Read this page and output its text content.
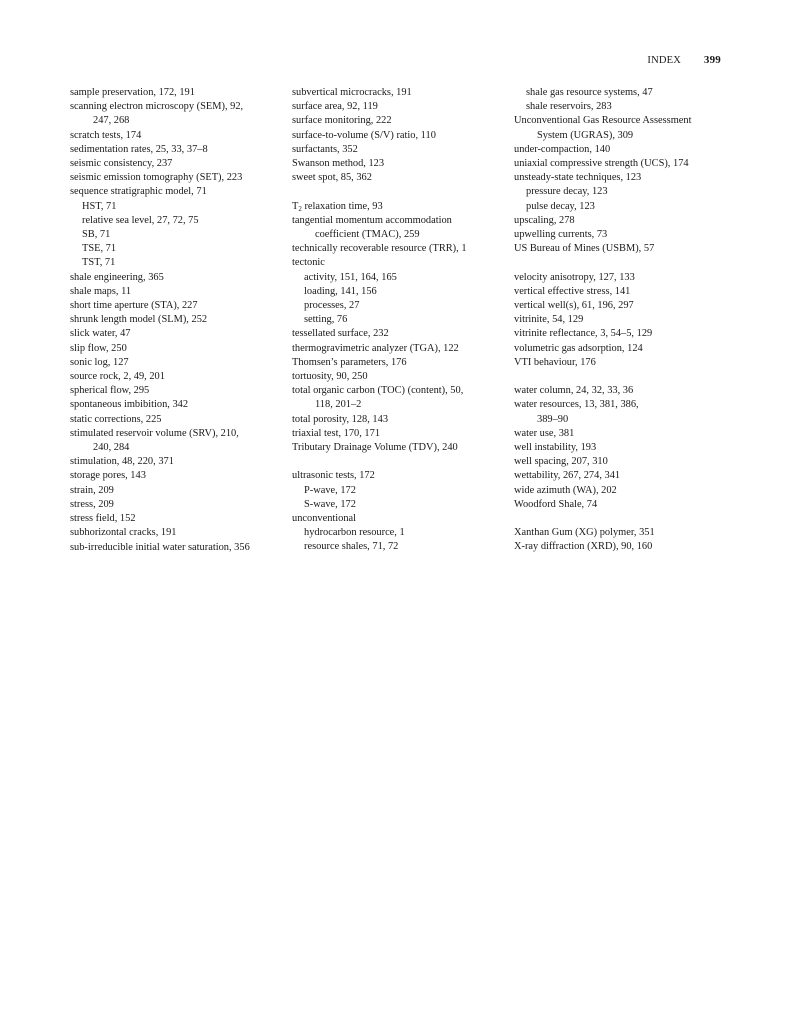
INDEX 399
sample preservation, 172, 191
scanning electron microscopy (SEM), 92,
247, 268
scratch tests, 174
sedimentation rates, 25, 33, 37–8
seismic consistency, 237
seismic emission tomography (SET), 223
sequence stratigraphic model, 71
HST, 71
relative sea level, 27, 72, 75
SB, 71
TSE, 71
TST, 71
shale engineering, 365
shale maps, 11
short time aperture (STA), 227
shrunk length model (SLM), 252
slick water, 47
slip flow, 250
sonic log, 127
source rock, 2, 49, 201
spherical flow, 295
spontaneous imbibition, 342
static corrections, 225
stimulated reservoir volume (SRV), 210,
240, 284
stimulation, 48, 220, 371
storage pores, 143
strain, 209
stress, 209
stress field, 152
subhorizontal cracks, 191
sub-irreducible initial water saturation, 356
subvertical microcracks, 191
surface area, 92, 119
surface monitoring, 222
surface-to-volume (S/V) ratio, 110
surfactants, 352
Swanson method, 123
sweet spot, 85, 362
$T_2$ relaxation time, 93
tangential momentum accommodation
coefficient (TMAC), 259
technically recoverable resource (TRR), 1
tectonic
activity, 151, 164, 165
loading, 141, 156
processes, 27
setting, 76
tessellated surface, 232
thermogravimetric analyzer (TGA), 122
Thomsen’s parameters, 176
tortuosity, 90, 250
total organic carbon (TOC) (content), 50,
118, 201–2
total porosity, 128, 143
triaxial test, 170, 171
Tributary Drainage Volume (TDV), 240
ultrasonic tests, 172
P-wave, 172
S-wave, 172
unconventional
hydrocarbon resource, 1
resource shales, 71, 72
shale gas resource systems, 47
shale reservoirs, 283
Unconventional Gas Resource Assessment
System (UGRAS), 309
under-compaction, 140
uniaxial compressive strength (UCS), 174
unsteady-state techniques, 123
pressure decay, 123
pulse decay, 123
upscaling, 278
upwelling currents, 73
US Bureau of Mines (USBM), 57
velocity anisotropy, 127, 133
vertical effective stress, 141
vertical well(s), 61, 196, 297
vitrinite, 54, 129
vitrinite reflectance, 3, 54–5, 129
volumetric gas adsorption, 124
VTI behaviour, 176
water column, 24, 32, 33, 36
water resources, 13, 381, 386,
389–90
water use, 381
well instability, 193
well spacing, 207, 310
wettability, 267, 274, 341
wide azimuth (WA), 202
Woodford Shale, 74
Xanthan Gum (XG) polymer, 351
X-ray diffraction (XRD), 90, 160
